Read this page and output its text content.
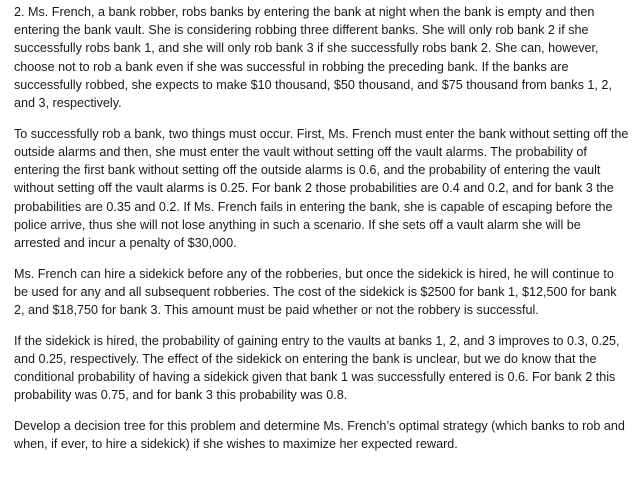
2. Ms. French, a bank robber, robs banks by entering the bank at night when the bank is empty and then entering the bank vault. She is considering robbing three different banks. She will only rob bank 2 if she successfully robs bank 1, and she will only rob bank 3 if she successfully robs bank 2. She can, however, choose not to rob a bank even if she was successful in robbing the preceding bank. If the banks are successfully robbed, she expects to make $10 thousand, $50 thousand, and $75 thousand from banks 1, 2, and 3, respectively.

To successfully rob a bank, two things must occur. First, Ms. French must enter the bank without setting off the outside alarms and then, she must enter the vault without setting off the vault alarms. The probability of entering the first bank without setting off the outside alarms is 0.6, and the probability of entering the vault without setting off the vault alarms is 0.25. For bank 2 those probabilities are 0.4 and 0.2, and for bank 3 the probabilities are 0.35 and 0.2. If Ms. French fails in entering the bank, she is capable of escaping before the police arrive, thus she will not lose anything in such a scenario. If she sets off a vault alarm she will be arrested and incur a penalty of $30,000.

Ms. French can hire a sidekick before any of the robberies, but once the sidekick is hired, he will continue to be used for any and all subsequent robberies. The cost of the sidekick is $2500 for bank 1, $12,500 for bank 2, and $18,750 for bank 3. This amount must be paid whether or not the robbery is successful.

If the sidekick is hired, the probability of gaining entry to the vaults at banks 1, 2, and 3 improves to 0.3, 0.25, and 0.25, respectively. The effect of the sidekick on entering the bank is unclear, but we do know that the conditional probability of having a sidekick given that bank 1 was successfully entered is 0.6. For bank 2 this probability was 0.75, and for bank 3 this probability was 0.8.

Develop a decision tree for this problem and determine Ms. French’s optimal strategy (which banks to rob and when, if ever, to hire a sidekick) if she wishes to maximize her expected reward.
